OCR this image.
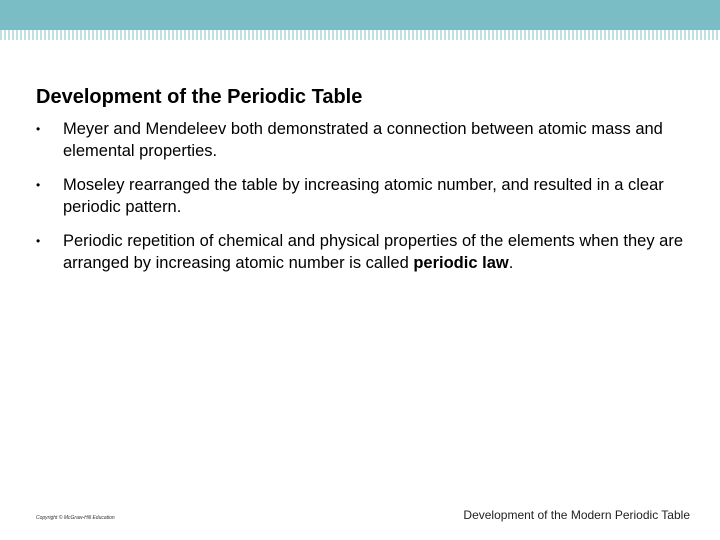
Development of the Periodic Table
• Meyer and Mendeleev both demonstrated a connection between atomic mass and elemental properties.
• Moseley rearranged the table by increasing atomic number, and resulted in a clear periodic pattern.
• Periodic repetition of chemical and physical properties of the elements when they are arranged by increasing atomic number is called periodic law.
Copyright © McGraw-Hill Education	Development of the Modern Periodic Table
